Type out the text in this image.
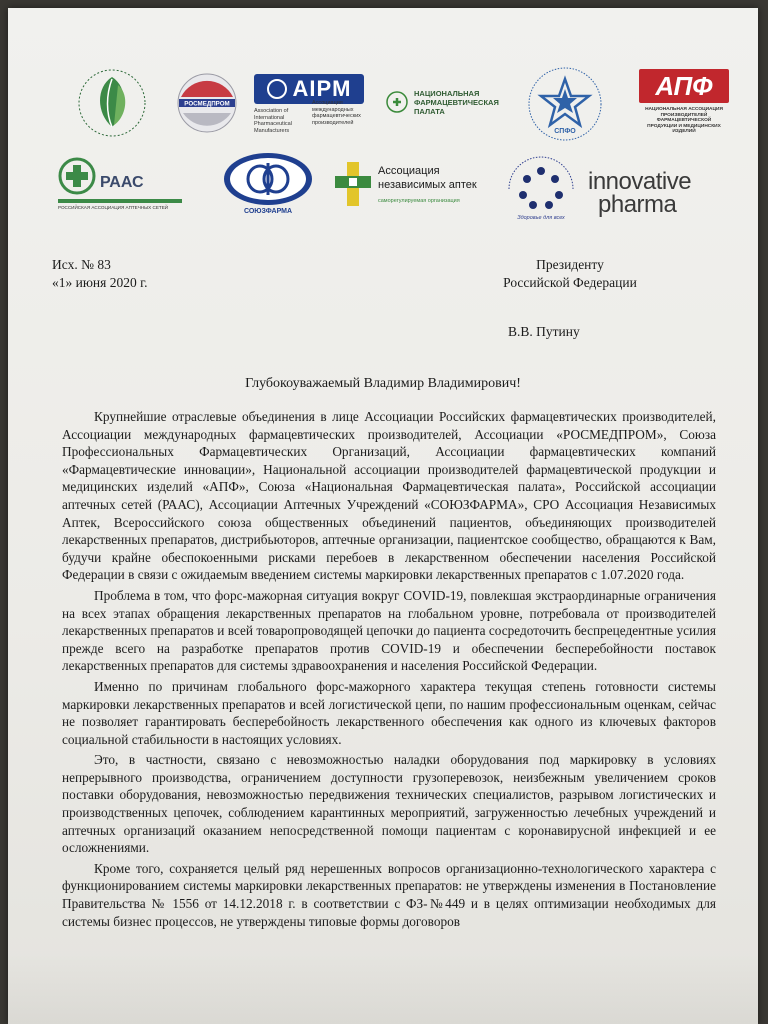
РОСМЕДПРОМ
AIPM
Association of International Pharmaceutical Manufacturers
Ассоциация международных фармацевтических производителей
НАЦИОНАЛЬНАЯ
ФАРМАЦЕВТИЧЕСКАЯ
ПАЛАТА
СПФО
АПФ
НАЦИОНАЛЬНАЯ АССОЦИАЦИЯ ПРОИЗВОДИТЕЛЕЙ ФАРМАЦЕВТИЧЕСКОЙ ПРОДУКЦИИ И МЕДИЦИНСКИХ ИЗДЕЛИЙ
РААС
РОССИЙСКАЯ АССОЦИАЦИЯ АПТЕЧНЫХ СЕТЕЙ
СОЮЗФАРМА
Ассоциация
независимых аптек
саморегулируемая организация
Здоровье для всех
innovative
pharma
Исх. № 83
«1» июня 2020 г.
Президенту
Российской Федерации
В.В. Путину
Глубокоуважаемый Владимир Владимирович!

Крупнейшие отраслевые объединения в лице Ассоциации Российских фармацевтических производителей, Ассоциации международных фармацевтических производителей, Ассоциации «РОСМЕДПРОМ», Союза Профессиональных Фармацевтических Организаций, Ассоциации фармацевтических компаний «Фармацевтические инновации», Национальной ассоциации производителей фармацевтической продукции и медицинских изделий «АПФ», Союза «Национальная Фармацевтическая палата», Российской ассоциации аптечных сетей (РААС), Ассоциации Аптечных Учреждений «СОЮЗФАРМА», СРО Ассоциация Независимых Аптек, Всероссийского союза общественных объединений пациентов, объединяющих производителей лекарственных препаратов, дистрибьюторов, аптечные организации, пациентское сообщество, обращаются к Вам, будучи крайне обеспокоенными рисками перебоев в лекарственном обеспечении населения Российской Федерации в связи с ожидаемым введением системы маркировки лекарственных препаратов с 1.07.2020 года.

Проблема в том, что форс-мажорная ситуация вокруг COVID-19, повлекшая экстраординарные ограничения на всех этапах обращения лекарственных препаратов на глобальном уровне, потребовала от производителей лекарственных препаратов и всей товаропроводящей цепочки до пациента сосредоточить беспрецедентные усилия прежде всего на разработке препаратов против COVID-19 и обеспечении бесперебойности поставок лекарственных препаратов для системы здравоохранения и населения Российской Федерации.

Именно по причинам глобального форс-мажорного характера текущая степень готовности системы маркировки лекарственных препаратов и всей логистической цепи, по нашим профессиональным оценкам, сейчас не позволяет гарантировать бесперебойность лекарственного обеспечения как одного из ключевых факторов социальной стабильности в настоящих условиях.

Это, в частности, связано с невозможностью наладки оборудования под маркировку в условиях непрерывного производства, ограничением доступности грузоперевозок, неизбежным увеличением сроков поставки оборудования, невозможностью передвижения технических специалистов, разрывом логистических и производственных цепочек, соблюдением карантинных мероприятий, загруженностью лечебных учреждений и аптечных организаций оказанием непосредственной помощи пациентам с коронавирусной инфекцией и ее осложнениями.

Кроме того, сохраняется целый ряд нерешенных вопросов организационно-технологического характера с функционированием системы маркировки лекарственных препаратов: не утверждены изменения в Постановление Правительства № 1556 от 14.12.2018 г. в соответствии с ФЗ-№449 и в целях оптимизации необходимых для системы бизнес процессов, не утверждены типовые формы договоров
